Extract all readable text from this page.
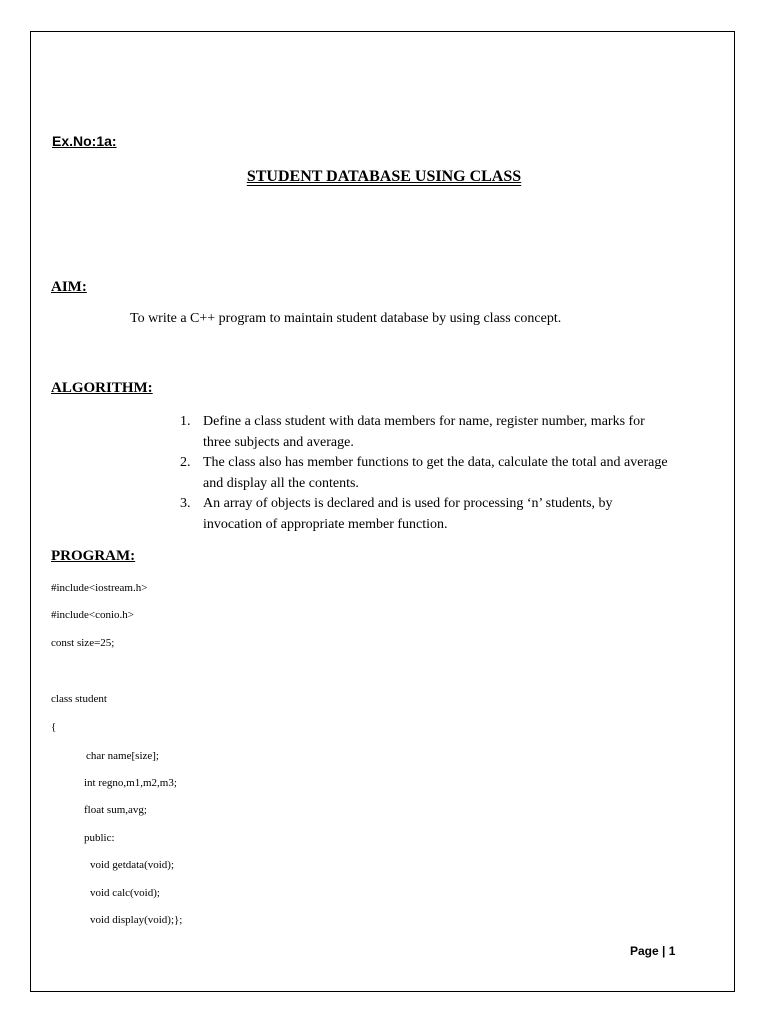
Ex.No:1a:
STUDENT DATABASE USING CLASS
AIM:
To write a C++ program to maintain student database by using class concept.
ALGORITHM:
1. Define a class student with data members for name, register number, marks for three subjects and average.
2. The class also has member functions to get the data, calculate the total and average and display all the contents.
3. An array of objects is declared and is used for processing ‘n’ students, by invocation of appropriate member function.
PROGRAM:
#include<iostream.h>
#include<conio.h>
const size=25;
class student
{
char name[size];
int regno,m1,m2,m3;
float sum,avg;
public:
void getdata(void);
void calc(void);
void display(void);};
Page | 1
